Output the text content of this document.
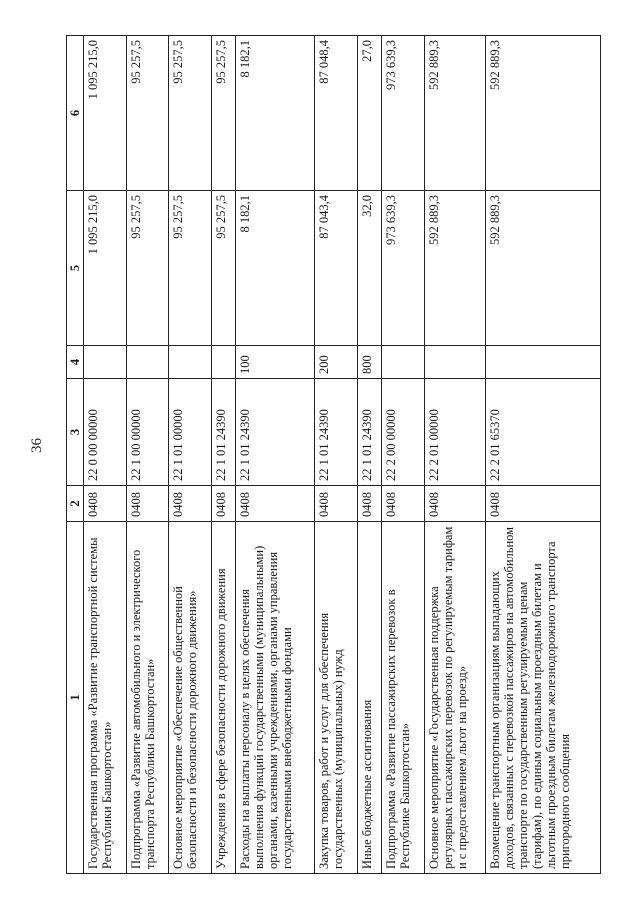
36
1	2	3	4	5	6
Государственная программа «Развитие транспортной системы Республики Башкортостан»	0408	22 0 00 00000		1 095 215,0	1 095 215,0
Подпрограмма «Развитие автомобильного и электрического транспорта Республики Башкортостан»	0408	22 1 00 00000		95 257,5	95 257,5
Основное мероприятие «Обеспечение общественной безопасности и безопасности дорожного движения»	0408	22 1 01 00000		95 257,5	95 257,5
Учреждения в сфере безопасности дорожного движения	0408	22 1 01 24390		95 257,5	95 257,5
Расходы на выплаты персоналу в целях обеспечения выполнения функций государственными (муниципальными) органами, казенными учреждениями, органами управления государственными внебюджетными фондами	0408	22 1 01 24390	100	8 182,1	8 182,1
Закупка товаров, работ и услуг для обеспечения государственных (муниципальных) нужд	0408	22 1 01 24390	200	87 043,4	87 048,4
Иные бюджетные ассигнования	0408	22 1 01 24390	800	32,0	27,0
Подпрограмма «Развитие пассажирских перевозок в Республике Башкортостан»	0408	22 2 00 00000		973 639,3	973 639,3
Основное мероприятие «Государственная поддержка регулярных пассажирских перевозок по регулируемым тарифам и с предоставлением льгот на проезд»	0408	22 2 01 00000		592 889,3	592 889,3
Возмещение транспортным организациям выпадающих доходов, связанных с перевозкой пассажиров на автомобильном транспорте по государственным регулируемым ценам (тарифам), по единым социальным проездным билетам и льготным проездным билетам железнодорожного транспорта пригородного сообщения	0408	22 2 01 65370		592 889,3	592 889,3
